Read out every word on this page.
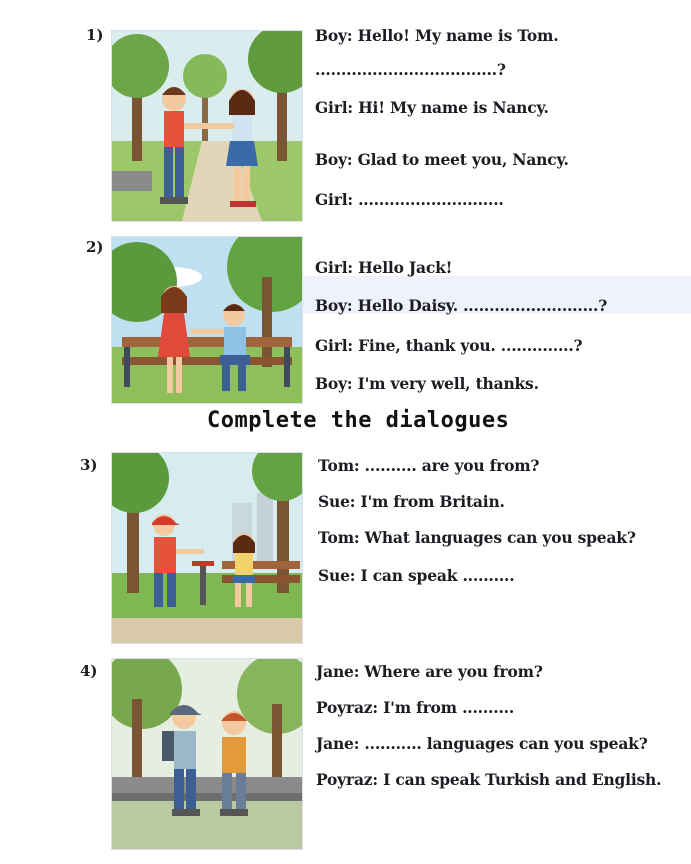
1)	Boy: Hello! My name is Tom.
...................................?
Girl: Hi! My name is Nancy.
Boy: Glad to meet you, Nancy.
Girl: ............................
2)
Girl: Hello Jack!
Boy: Hello Daisy. ..........................?
Girl: Fine, thank you. ..............?
Boy: I'm very well, thanks.
Complete the dialogues
3)	Tom: .......... are you from?
Sue: I'm from Britain.
Tom: What languages can you speak?
Sue: I can speak ..........
4)	Jane: Where are you from?
Poyraz: I'm from ..........
Jane: ........... languages can you speak?
Poyraz: I can speak Turkish and English.
